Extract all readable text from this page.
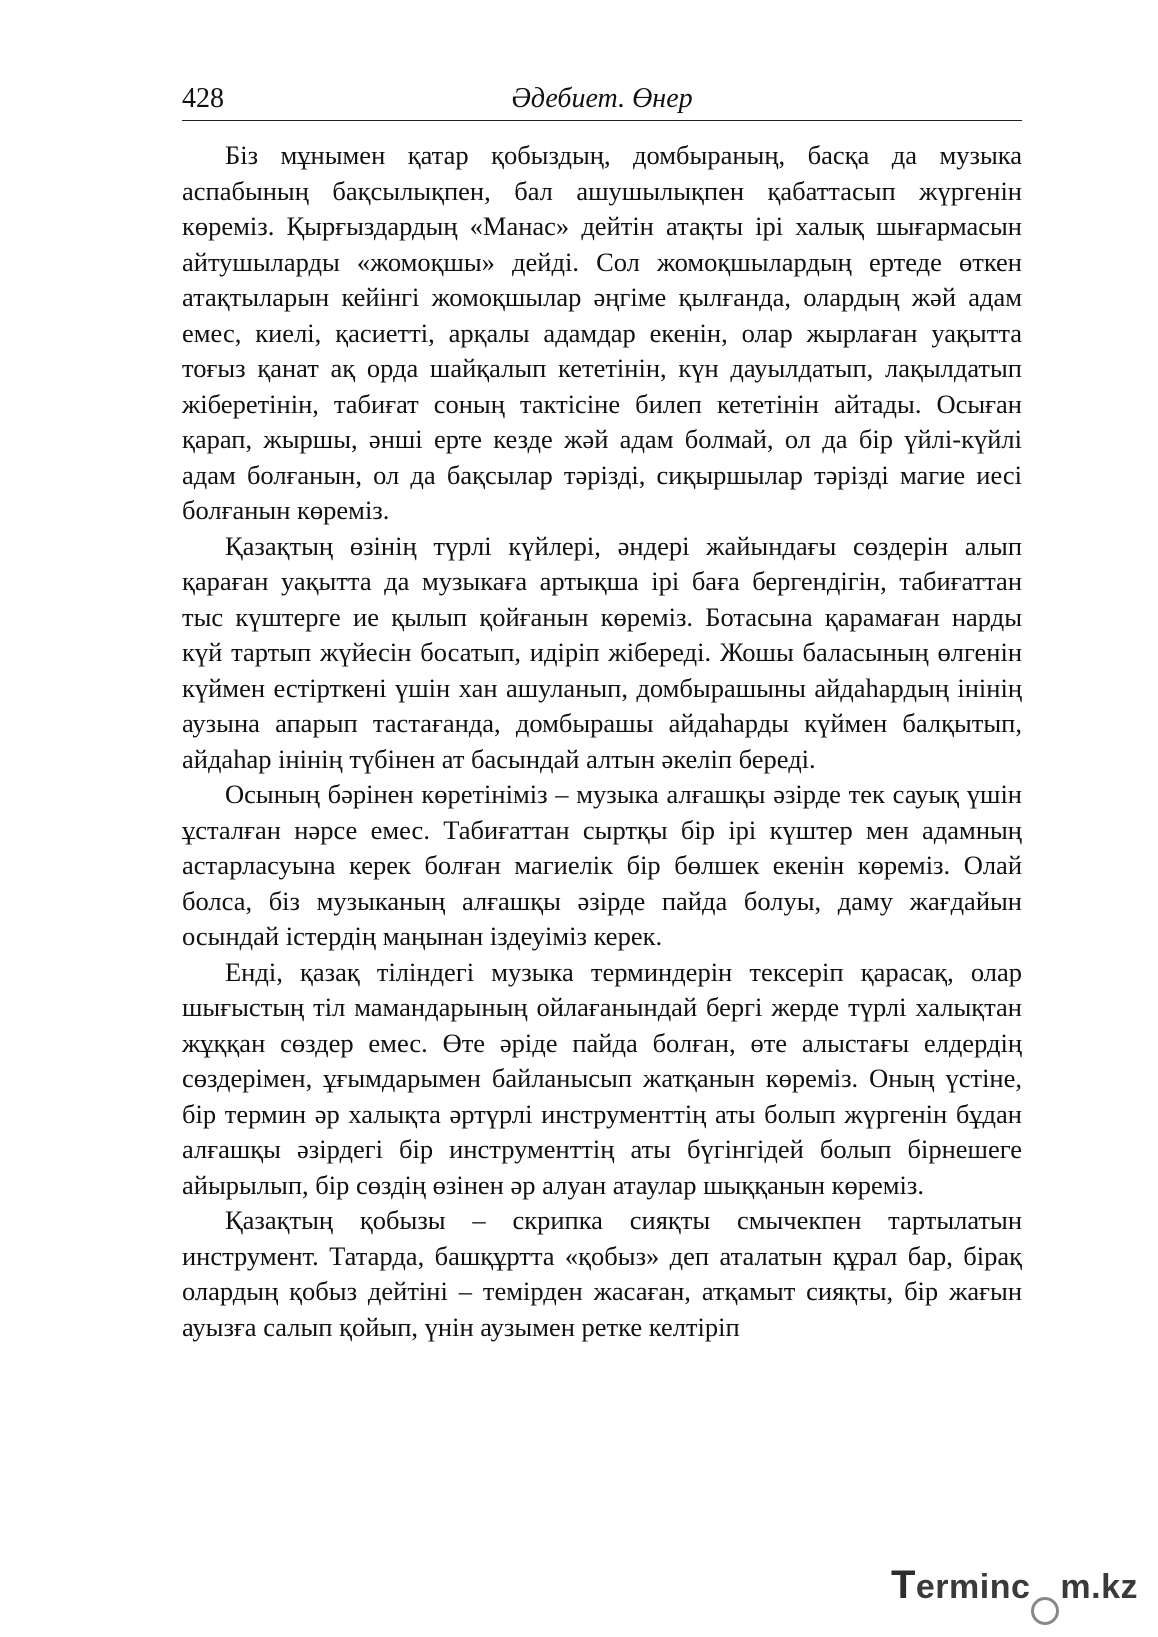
428	Әдебиет. Өнер

Біз мұнымен қатар қобыздың, домбыраның, басқа да музыка аспабының бақсылықпен, бал ашушылықпен қабаттасып жүргенін көреміз. Қырғыздардың «Манас» дейтін атақты ірі халық шығармасын айтушыларды «жомоқшы» дейді. Сол жомоқшылардың ертеде өткен атақтыларын кейінгі жомоқшылар әңгіме қылғанда, олардың жәй адам емес, киелі, қасиетті, арқалы адамдар екенін, олар жырлаған уақытта тоғыз қанат ақ орда шайқалып кететінін, күн дауылдатып, лақылдатып жіберетінін, табиғат соның тактісіне билеп кететінін айтады. Осыған қарап, жыршы, әнші ерте кезде жәй адам болмай, ол да бір үйлі-күйлі адам болғанын, ол да бақсылар тәрізді, сиқыршылар тәрізді магие иесі болғанын көреміз.

Қазақтың өзінің түрлі күйлері, әндері жайындағы сөздерін алып қараған уақытта да музыкаға артықша ірі баға бергендігін, табиғаттан тыс күштерге ие қылып қойғанын көреміз. Ботасына қарамаған нарды күй тартып жүйесін босатып, идіріп жібереді. Жошы баласының өлгенін күймен естірткені үшін хан ашуланып, домбырашыны айдаһардың інінің аузына апарып тастағанда, домбырашы айдаһарды күймен балқытып, айдаһар інінің түбінен ат басындай алтын әкеліп береді.

Осының бәрінен көретініміз – музыка алғашқы әзірде тек сауық үшін ұсталған нәрсе емес. Табиғаттан сыртқы бір ірі күштер мен адамның астарласуына керек болған магиелік бір бөлшек екенін көреміз. Олай болса, біз музыканың алғашқы әзірде пайда болуы, даму жағдайын осындай істердің маңынан іздеуіміз керек.

Енді, қазақ тіліндегі музыка терминдерін тексеріп қарасақ, олар шығыстың тіл мамандарының ойлағанындай бергі жерде түрлі халықтан жұққан сөздер емес. Өте әріде пайда болған, өте алыстағы елдердің сөздерімен, ұғымдарымен байланысып жатқанын көреміз. Оның үстіне, бір термин әр халықта әртүрлі инструменттің аты болып жүргенін бұдан алғашқы әзірдегі бір инструменттің аты бүгінгідей болып бірнешеге айырылып, бір сөздің өзінен әр алуан атаулар шыққанын көреміз.

Қазақтың қобызы – скрипка сияқты смычекпен тартылатын инструмент. Татарда, башқұртта «қобыз» деп аталатын құрал бар, бірақ олардың қобыз дейтіні – темірден жасаған, атқамыт сияқты, бір жағын ауызға салып қойып, үнін аузымен ретке келтіріп

T ermin c m.kz
